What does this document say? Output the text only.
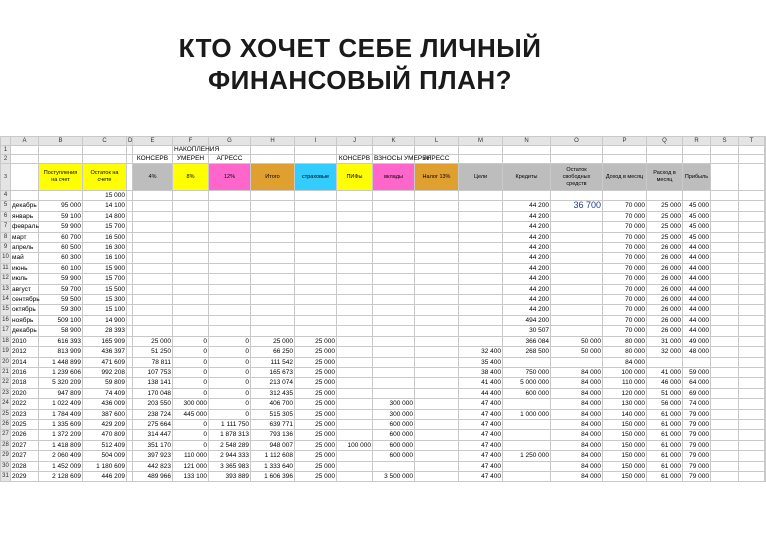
КТО ХОЧЕТ СЕБЕ ЛИЧНЫЙ
ФИНАНСОВЫЙ ПЛАН?
	A	B	C	D	E	F	G	H	I	J	K	L	M	N	O	P	Q	R	S	T	
1						НАКОПЛЕНИЯ															
2					КОНСЕРВ	УМЕРЕН	АГРЕСС			КОНСЕРВ	ВЗНОСЫ УМЕРЕН	АГРЕСС									
3		Поступления на счет	Остаток на счете		4%	8%	12%	Итого	страховые	ПИФы	вклады	Налог 13%	Цели	Кредиты	Остаток свободных средств	Доход в месяц	Расход в месяц	Прибыль			
4			15 000																		
5	декабрь	95 000	14 100											44 200	36 700	70 000	25 000	45 000			
6	январь	59 100	14 800											44 200		70 000	25 000	45 000			
7	февраль	59 900	15 700											44 200		70 000	25 000	45 000			
8	март	60 700	16 500											44 200		70 000	25 000	45 000			
9	апрель	60 500	16 300											44 200		70 000	26 000	44 000			
10	май	60 300	16 100											44 200		70 000	26 000	44 000			
11	июнь	60 100	15 900											44 200		70 000	26 000	44 000			
12	июль	59 900	15 700											44 200		70 000	26 000	44 000			
13	август	59 700	15 500											44 200		70 000	26 000	44 000			
14	сентябрь	59 500	15 300											44 200		70 000	26 000	44 000			
15	октябрь	59 300	15 100											44 200		70 000	26 000	44 000			
16	ноябрь	509 100	14 900											494 200		70 000	26 000	44 000			
17	декабрь	58 900	28 393											30 507		70 000	26 000	44 000			
18	2010	616 393	165 909		25 000	0	0	25 000	25 000					366 084	50 000	80 000	31 000	49 000			
19	2012	813 909	436 397		51 250	0	0	66 250	25 000				32 400	268 500	50 000	80 000	32 000	48 000			
20	2014	1 448 899	471 609		78 811	0	0	111 542	25 000				35 400			84 000					
21	2016	1 239 606	992 208		107 753	0	0	165 673	25 000				38 400	750 000	84 000	100 000	41 000	59 000			
22	2018	5 320 209	59 809		138 141	0	0	213 074	25 000				41 400	5 000 000	84 000	110 000	46 000	64 000			
23	2020	947 809	74 409		170 048	0	0	312 435	25 000				44 400	600 000	84 000	120 000	51 000	69 000			
24	2022	1 022 409	436 009		203 550	300 000	0	406 700	25 000		300 000		47 400		84 000	130 000	56 000	74 000			
25	2023	1 784 409	387 600		238 724	445 000	0	515 305	25 000		300 000		47 400	1 000 000	84 000	140 000	61 000	79 000			
26	2025	1 335 609	429 209		275 664	0	1 111 750	639 771	25 000		600 000		47 400		84 000	150 000	61 000	79 000			
27	2026	1 372 209	470 809		314 447	0	1 878 313	793 136	25 000		600 000		47 400		84 000	150 000	61 000	79 000			
28	2027	1 418 809	512 409		351 170	0	2 548 289	948 007	25 000	100 000	600 000		47 400		84 000	150 000	61 000	79 000			
29	2027	2 060 409	504 009		397 923	110 000	2 944 333	1 112 608	25 000		600 000		47 400	1 250 000	84 000	150 000	61 000	79 000			
30	2028	1 452 009	1 180 609		442 823	121 000	3 365 983	1 333 640	25 000				47 400		84 000	150 000	61 000	79 000			
31	2029	2 128 609	446 209		489 966	133 100	393 889	1 606 396	25 000		3 500 000		47 400		84 000	150 000	61 000	79 000			
